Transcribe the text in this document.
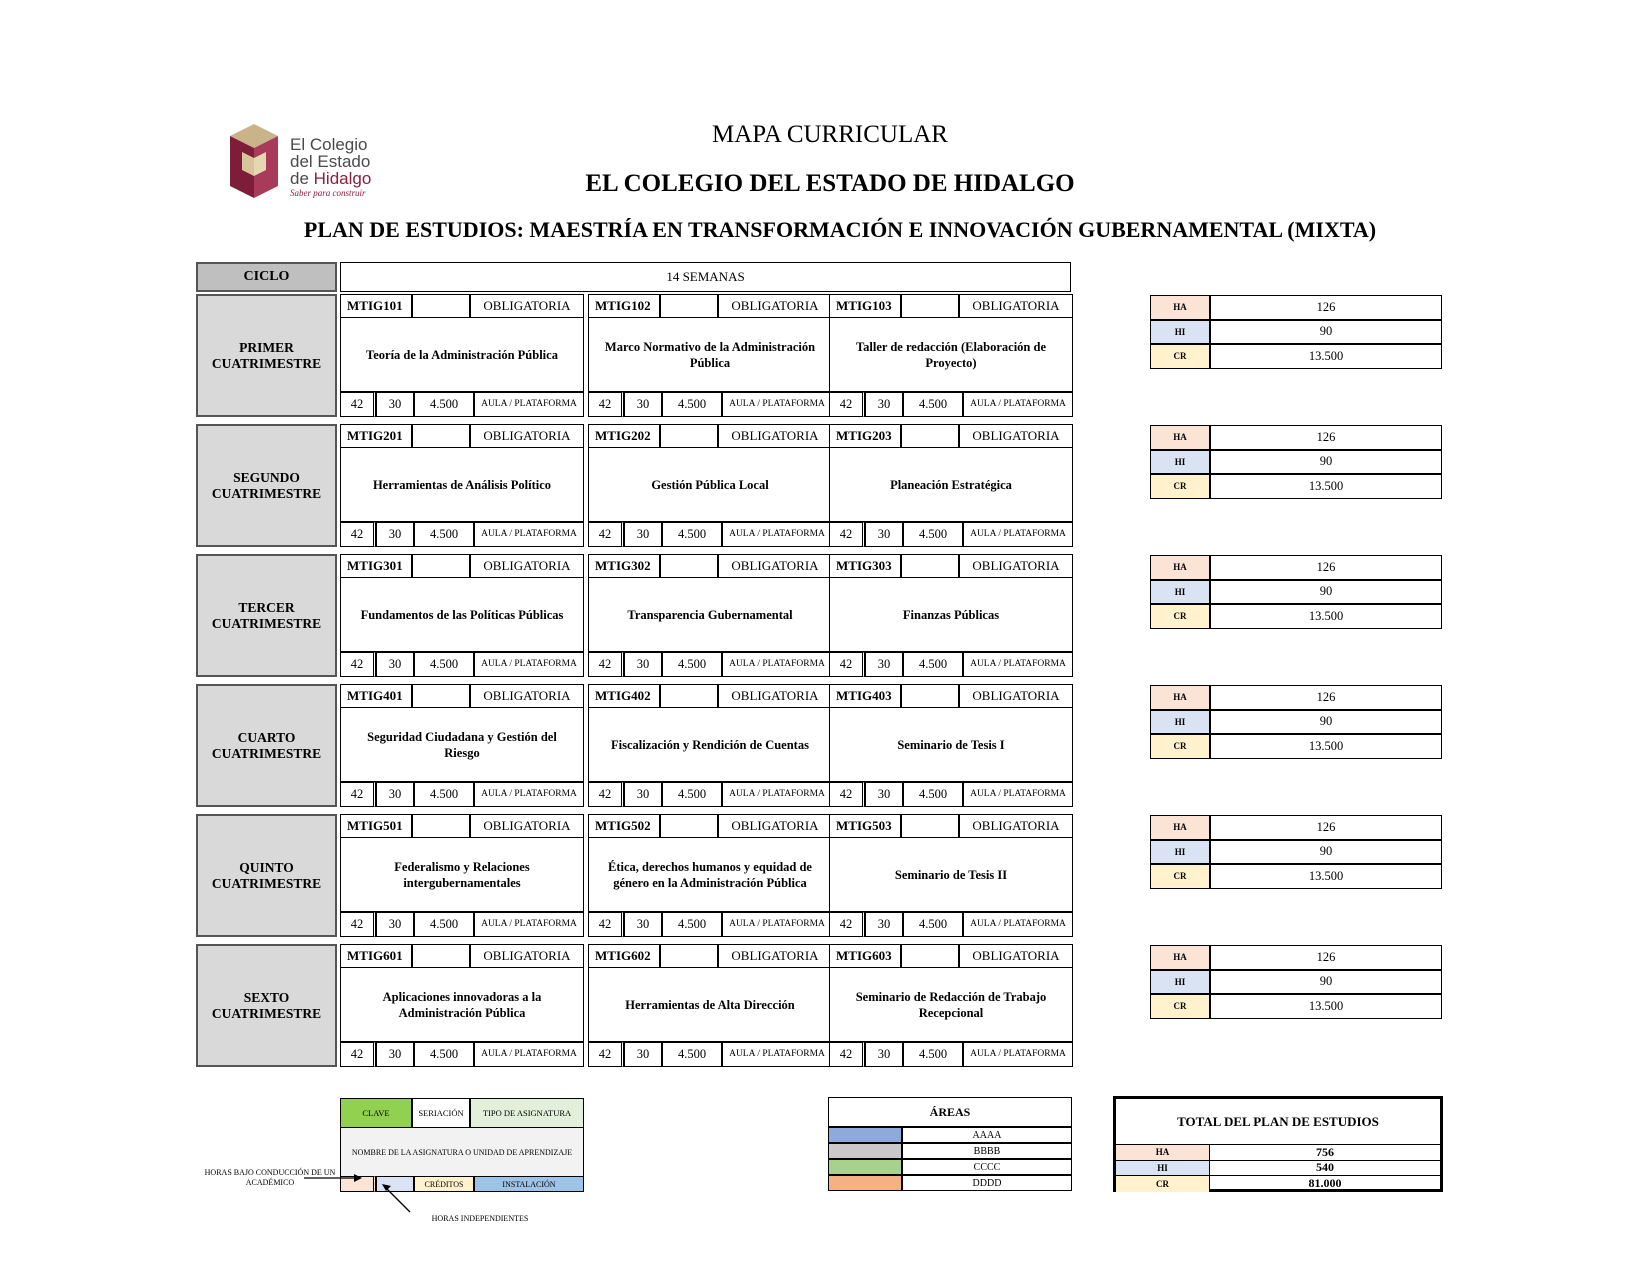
El Colegio
del Estado
de Hidalgo
Saber para construir
MAPA CURRICULAR
EL COLEGIO DEL ESTADO DE HIDALGO
PLAN DE ESTUDIOS: MAESTRÍA EN TRANSFORMACIÓN E INNOVACIÓN GUBERNAMENTAL (MIXTA)
CICLO	14 SEMANAS
PRIMER CUATRIMESTRE
MTIG101	OBLIGATORIA
Teoría de la Administración Pública
42	30	4.500	AULA / PLATAFORMA
MTIG102	OBLIGATORIA
Marco Normativo de la Administración Pública
42	30	4.500	AULA / PLATAFORMA
MTIG103	OBLIGATORIA
Taller de redacción (Elaboración de Proyecto)
42	30	4.500	AULA / PLATAFORMA
HA	126
HI	90
CR	13.500
SEGUNDO CUATRIMESTRE
MTIG201	OBLIGATORIA
Herramientas de Análisis Político
42	30	4.500	AULA / PLATAFORMA
MTIG202	OBLIGATORIA
Gestión Pública Local
42	30	4.500	AULA / PLATAFORMA
MTIG203	OBLIGATORIA
Planeación Estratégica
42	30	4.500	AULA / PLATAFORMA
HA	126
HI	90
CR	13.500
TERCER CUATRIMESTRE
MTIG301	OBLIGATORIA
Fundamentos de las Políticas Públicas
42	30	4.500	AULA / PLATAFORMA
MTIG302	OBLIGATORIA
Transparencia Gubernamental
42	30	4.500	AULA / PLATAFORMA
MTIG303	OBLIGATORIA
Finanzas Públicas
42	30	4.500	AULA / PLATAFORMA
HA	126
HI	90
CR	13.500
CUARTO CUATRIMESTRE
MTIG401	OBLIGATORIA
Seguridad Ciudadana y Gestión del Riesgo
42	30	4.500	AULA / PLATAFORMA
MTIG402	OBLIGATORIA
Fiscalización y Rendición de Cuentas
42	30	4.500	AULA / PLATAFORMA
MTIG403	OBLIGATORIA
Seminario de Tesis I
42	30	4.500	AULA / PLATAFORMA
HA	126
HI	90
CR	13.500
QUINTO CUATRIMESTRE
MTIG501	OBLIGATORIA
Federalismo y Relaciones intergubernamentales
42	30	4.500	AULA / PLATAFORMA
MTIG502	OBLIGATORIA
Ética, derechos humanos y equidad de género en la Administración Pública
42	30	4.500	AULA / PLATAFORMA
MTIG503	OBLIGATORIA
Seminario de Tesis II
42	30	4.500	AULA / PLATAFORMA
HA	126
HI	90
CR	13.500
SEXTO CUATRIMESTRE
MTIG601	OBLIGATORIA
Aplicaciones innovadoras a la Administración Pública
42	30	4.500	AULA / PLATAFORMA
MTIG602	OBLIGATORIA
Herramientas de Alta Dirección
42	30	4.500	AULA / PLATAFORMA
MTIG603	OBLIGATORIA
Seminario de Redacción de Trabajo Recepcional
42	30	4.500	AULA / PLATAFORMA
HA	126
HI	90
CR	13.500
CLAVE	SERIACIÓN	TIPO DE ASIGNATURA
NOMBRE DE LA ASIGNATURA O UNIDAD DE APRENDIZAJE
CRÉDITOS	INSTALACIÓN
HORAS BAJO CONDUCCIÓN DE UN ACADÉMICO
HORAS INDEPENDIENTES
ÁREAS
AAAA
BBBB
CCCC
DDDD
TOTAL DEL PLAN DE ESTUDIOS
HA	756
HI	540
CR	81.000
